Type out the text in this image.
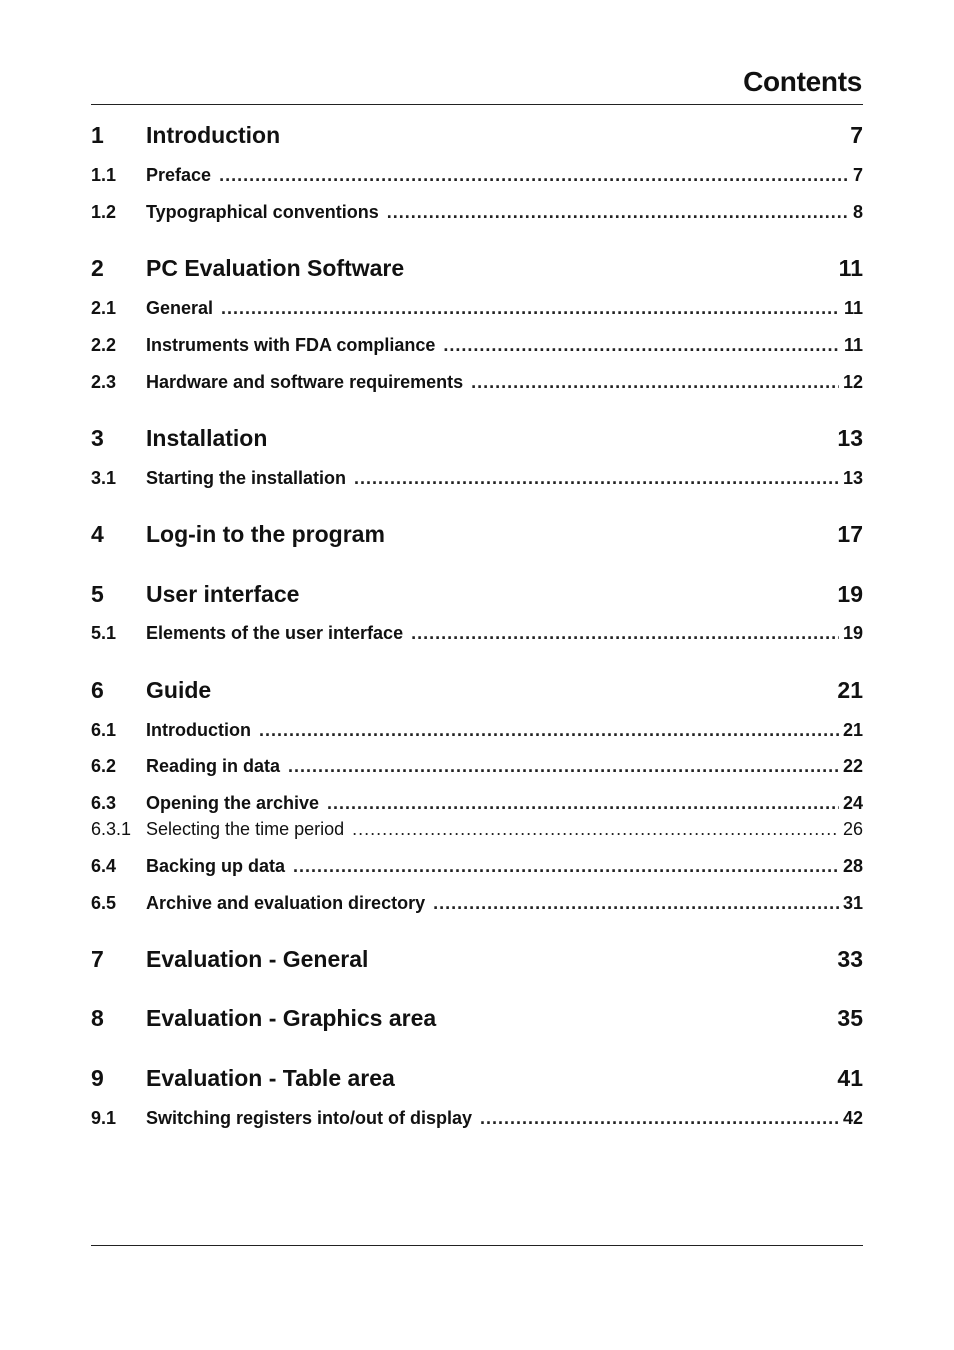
Contents
1	Introduction	7
1.1	Preface .....	7
1.2	Typographical conventions .....	8
2	PC Evaluation Software	11
2.1	General .....	11
2.2	Instruments with FDA compliance .....	11
2.3	Hardware and software requirements .....	12
3	Installation	13
3.1	Starting the installation .....	13
4	Log-in to the program	17
5	User interface	19
5.1	Elements of the user interface .....	19
6	Guide	21
6.1	Introduction .....	21
6.2	Reading in data .....	22
6.3	Opening the archive .....	24
6.3.1 Selecting the time period .....	26
6.4	Backing up data .....	28
6.5	Archive and evaluation directory .....	31
7	Evaluation - General	33
8	Evaluation - Graphics area	35
9	Evaluation - Table area	41
9.1	Switching registers into/out of display .....	42
